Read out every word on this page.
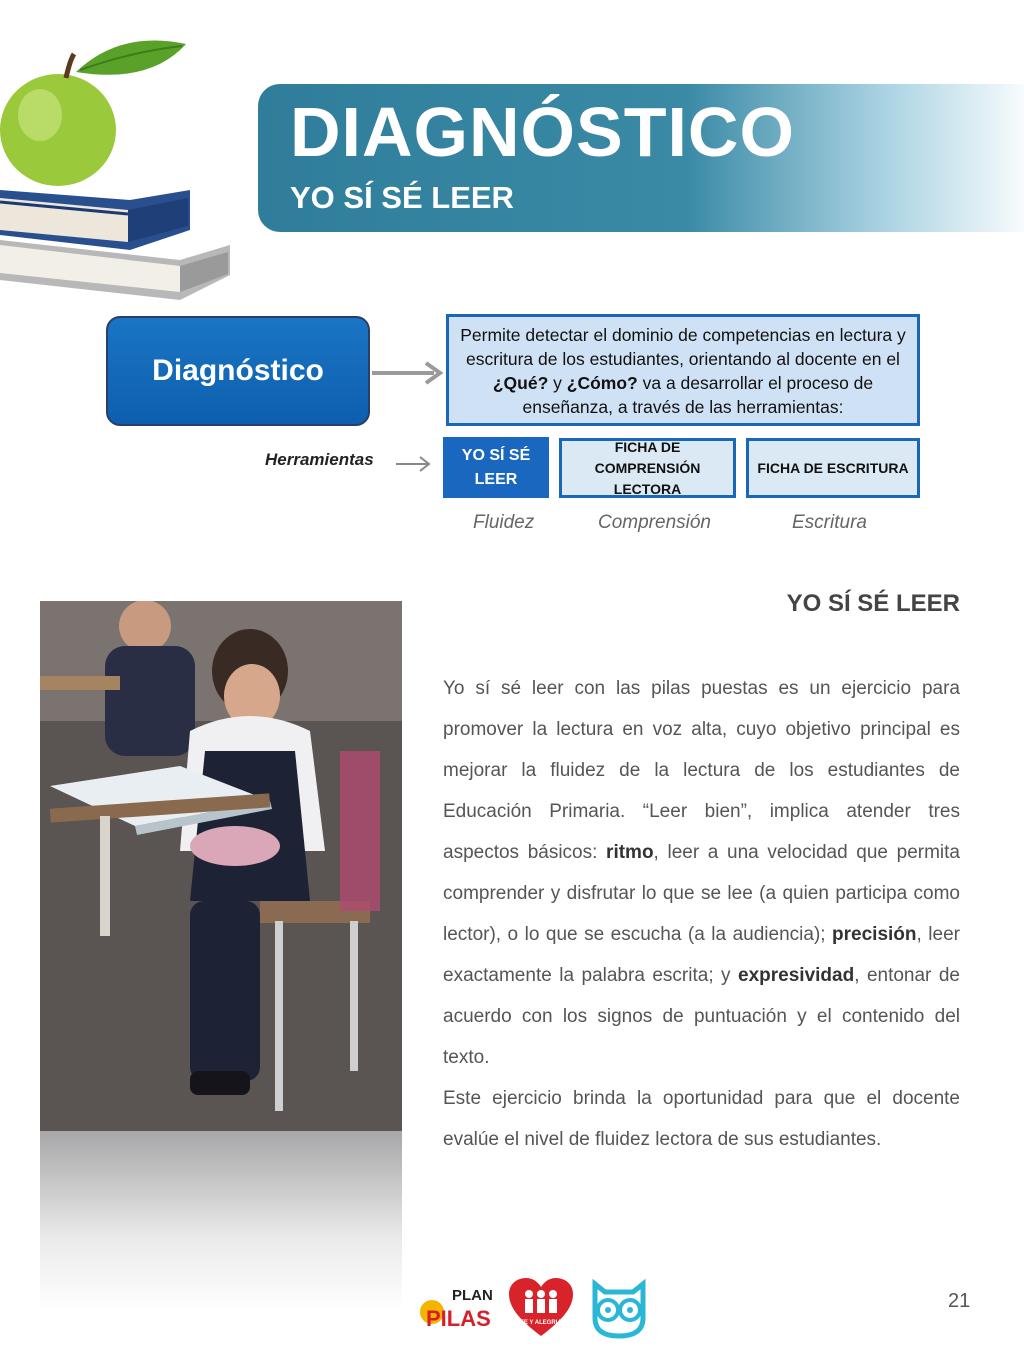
DIAGNÓSTICO
YO SÍ SÉ LEER
Diagnóstico
Permite detectar el dominio de competencias en lectura y escritura de los estudiantes, orientando al docente en el ¿Qué? y ¿Cómo? va a desarrollar el proceso de enseñanza, a través de las herramientas:
Herramientas	YO SÍ SÉ LEER
FICHA DE COMPRENSIÓN LECTORA
FICHA DE ESCRITURA
Fluidez	Comprensión	Escritura
YO SÍ SÉ LEER

Yo sí sé leer con las pilas puestas es un ejercicio para promover la lectura en voz alta, cuyo objetivo principal es mejorar la fluidez de la lectura de los estudiantes de Educación Primaria. “Leer bien”, implica atender tres aspectos básicos: ritmo, leer a una velocidad que permita comprender y disfrutar lo que se lee (a quien participa como lector), o lo que se escucha (a la audiencia); precisión, leer exactamente la palabra escrita; y expresividad, entonar de acuerdo con los signos de puntuación y el contenido del texto.

Este ejercicio brinda la oportunidad para que el docente evalúe el nivel de fluidez lectora de sus estudiantes.

PLAN
PILAS	FE Y ALEGRIA
21
